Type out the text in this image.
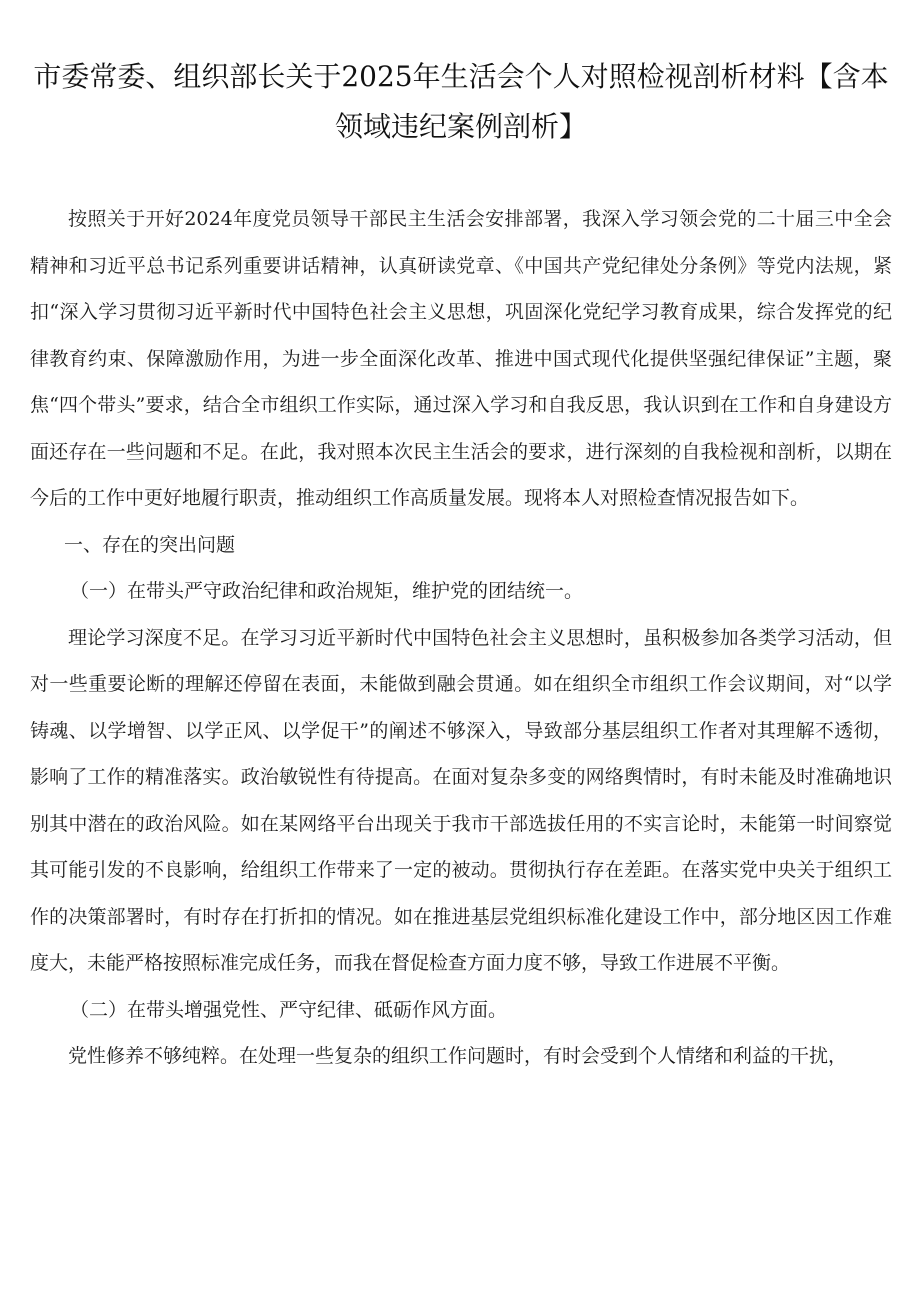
市委常委、组织部长关于2025年生活会个人对照检视剖析材料【含本领域违纪案例剖析】

按照关于开好2024年度党员领导干部民主生活会安排部署，我深入学习领会党的二十届三中全会精神和习近平总书记系列重要讲话精神，认真研读党章、《中国共产党纪律处分条例》等党内法规，紧扣“深入学习贯彻习近平新时代中国特色社会主义思想，巩固深化党纪学习教育成果，综合发挥党的纪律教育约束、保障激励作用，为进一步全面深化改革、推进中国式现代化提供坚强纪律保证”主题，聚焦“四个带头”要求，结合全市组织工作实际，通过深入学习和自我反思，我认识到在工作和自身建设方面还存在一些问题和不足。在此，我对照本次民主生活会的要求，进行深刻的自我检视和剖析，以期在今后的工作中更好地履行职责，推动组织工作高质量发展。现将本人对照检查情况报告如下。

一、存在的突出问题

（一）在带头严守政治纪律和政治规矩，维护党的团结统一。

理论学习深度不足。在学习习近平新时代中国特色社会主义思想时，虽积极参加各类学习活动，但对一些重要论断的理解还停留在表面，未能做到融会贯通。如在组织全市组织工作会议期间，对“以学铸魂、以学增智、以学正风、以学促干”的阐述不够深入，导致部分基层组织工作者对其理解不透彻，影响了工作的精准落实。政治敏锐性有待提高。在面对复杂多变的网络舆情时，有时未能及时准确地识别其中潜在的政治风险。如在某网络平台出现关于我市干部选拔任用的不实言论时，未能第一时间察觉其可能引发的不良影响，给组织工作带来了一定的被动。贯彻执行存在差距。在落实党中央关于组织工作的决策部署时，有时存在打折扣的情况。如在推进基层党组织标准化建设工作中，部分地区因工作难度大，未能严格按照标准完成任务，而我在督促检查方面力度不够，导致工作进展不平衡。

（二）在带头增强党性、严守纪律、砥砺作风方面。

党性修养不够纯粹。在处理一些复杂的组织工作问题时，有时会受到个人情绪和利益的干扰，
